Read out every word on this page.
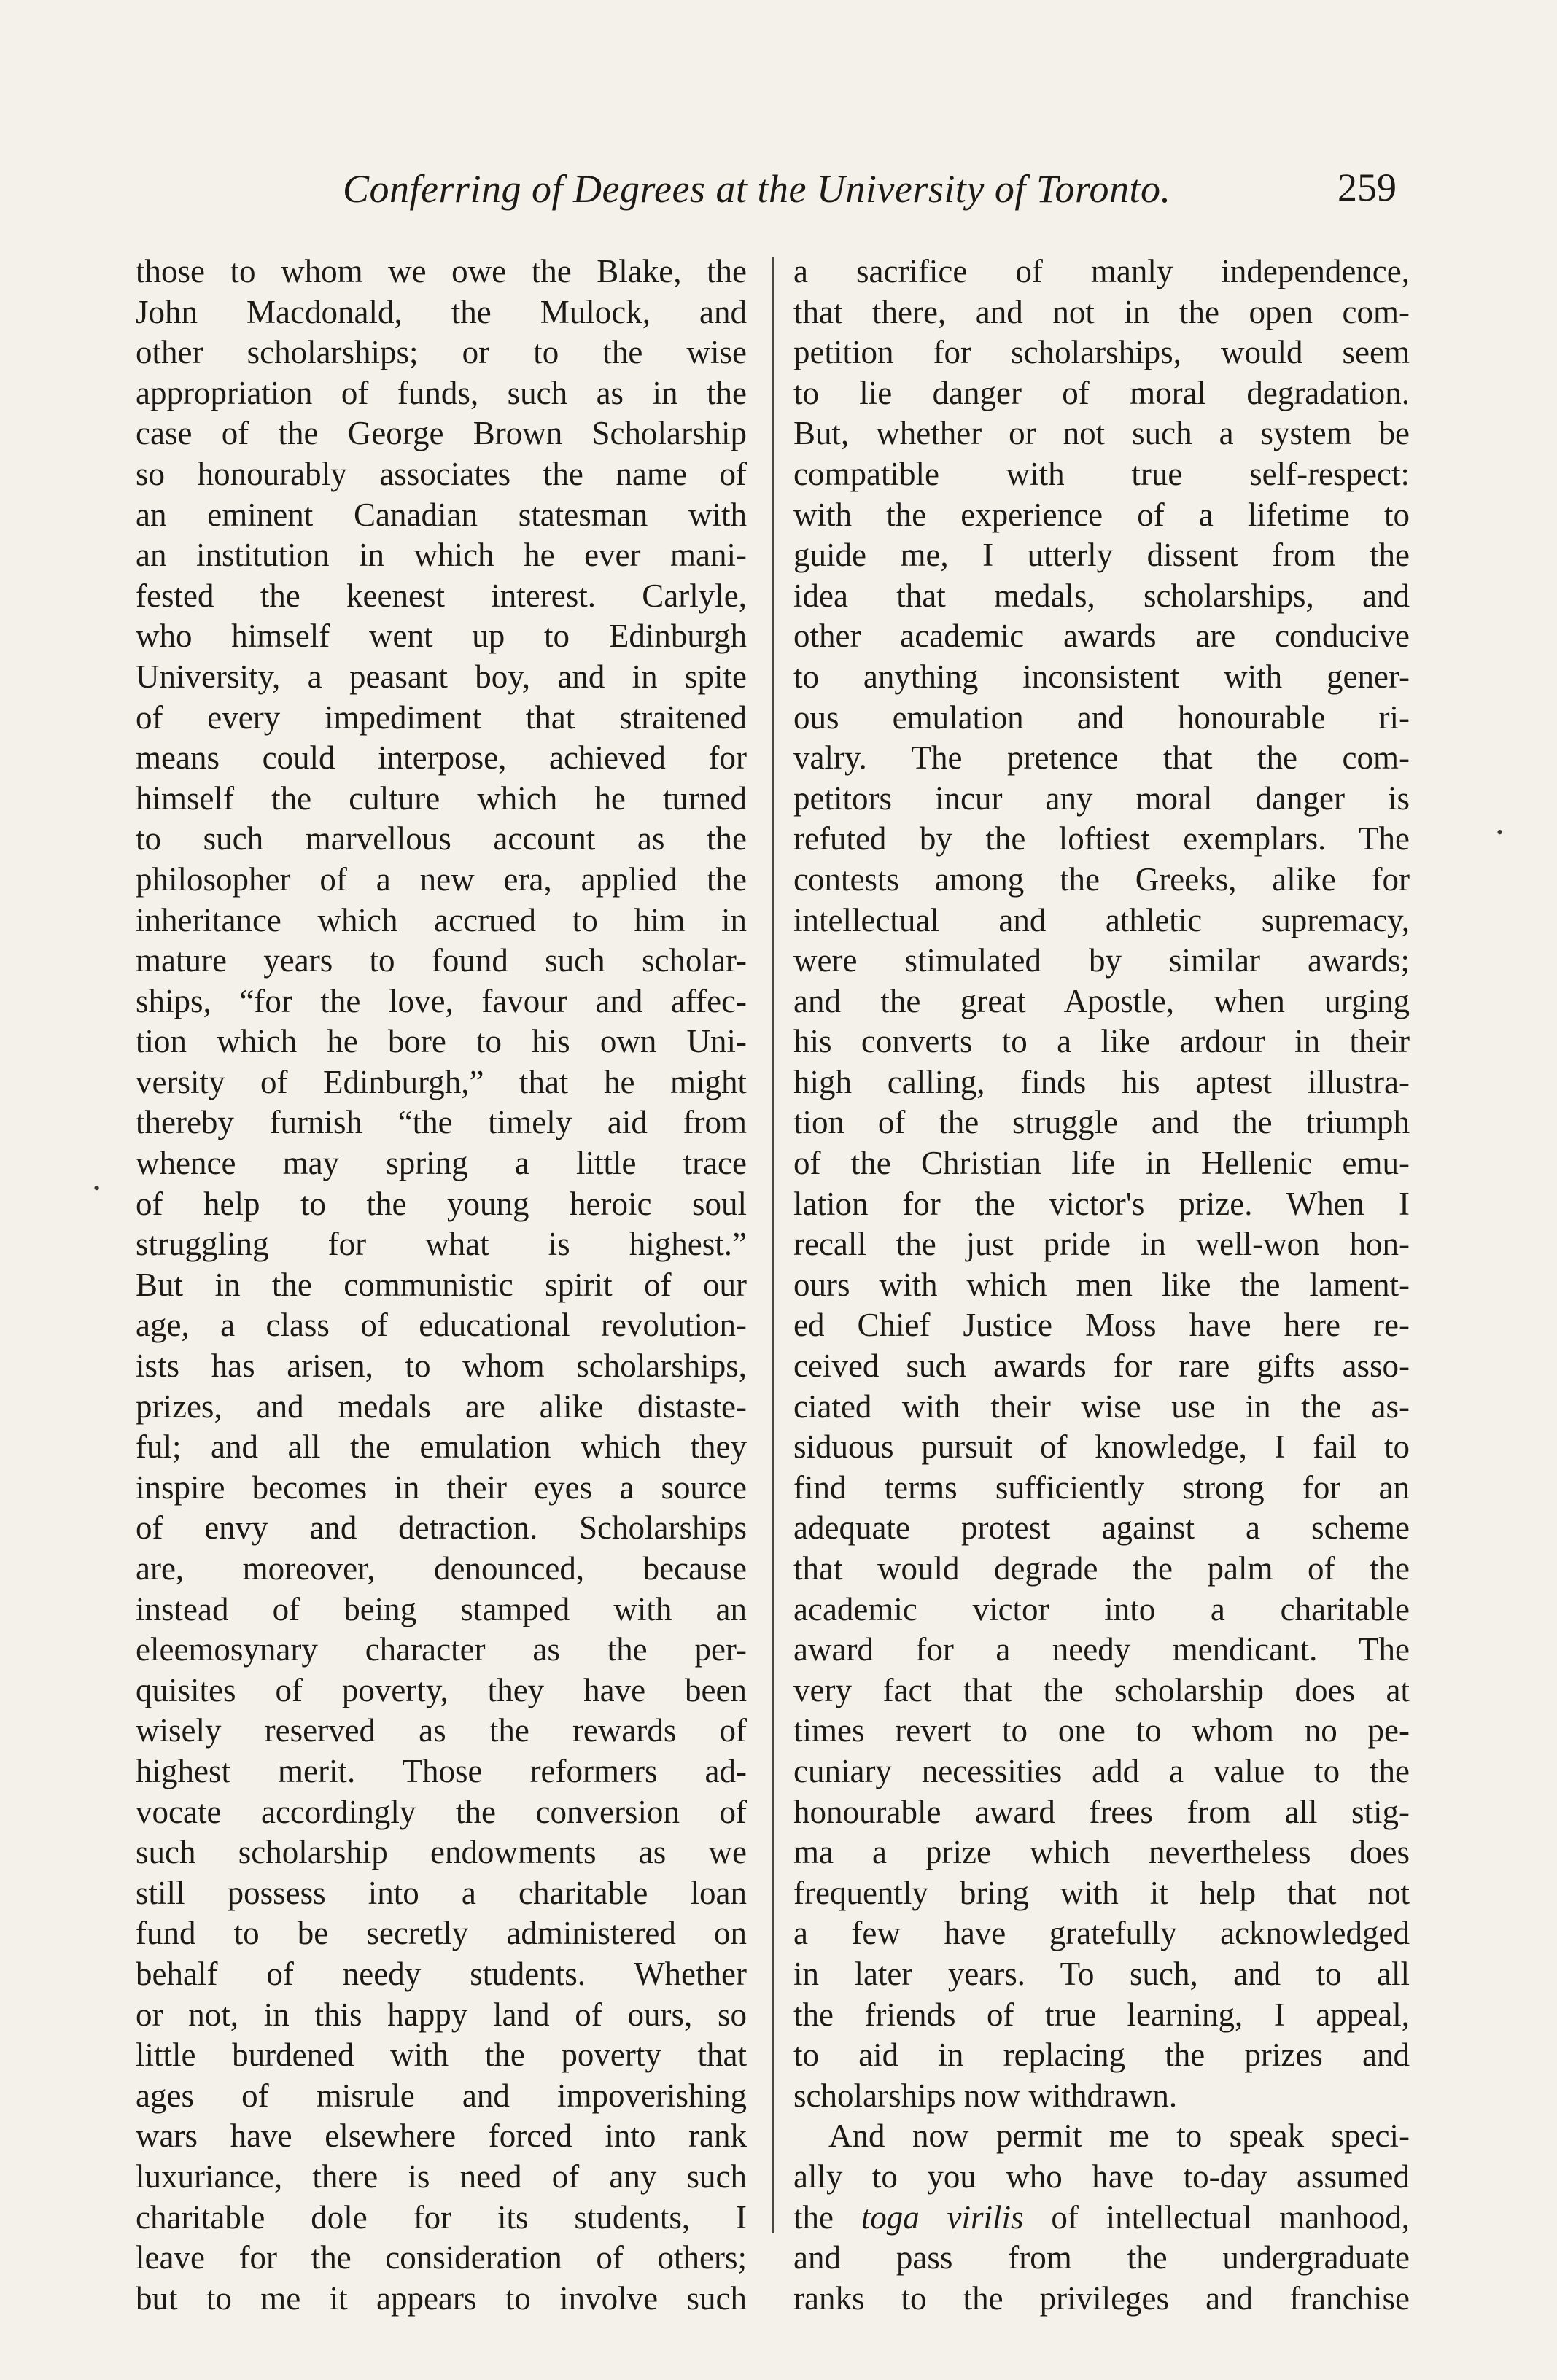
Conferring of Degrees at the University of Toronto.	259
those to whom we owe the Blake, the
John Macdonald, the Mulock, and
other scholarships; or to the wise
appropriation of funds, such as in the
case of the George Brown Scholarship
so honourably associates the name of
an eminent Canadian statesman with
an institution in which he ever mani-
fested the keenest interest. Carlyle,
who himself went up to Edinburgh
University, a peasant boy, and in spite
of every impediment that straitened
means could interpose, achieved for
himself the culture which he turned
to such marvellous account as the
philosopher of a new era, applied the
inheritance which accrued to him in
mature years to found such scholar-
ships, “for the love, favour and affec-
tion which he bore to his own Uni-
versity of Edinburgh,” that he might
thereby furnish “the timely aid from
whence may spring a little trace
of help to the young heroic soul
struggling for what is highest.”
But in the communistic spirit of our
age, a class of educational revolution-
ists has arisen, to whom scholarships,
prizes, and medals are alike distaste-
ful; and all the emulation which they
inspire becomes in their eyes a source
of envy and detraction. Scholarships
are, moreover, denounced, because
instead of being stamped with an
eleemosynary character as the per-
quisites of poverty, they have been
wisely reserved as the rewards of
highest merit. Those reformers ad-
vocate accordingly the conversion of
such scholarship endowments as we
still possess into a charitable loan
fund to be secretly administered on
behalf of needy students. Whether
or not, in this happy land of ours, so
little burdened with the poverty that
ages of misrule and impoverishing
wars have elsewhere forced into rank
luxuriance, there is need of any such
charitable dole for its students, I
leave for the consideration of others;
but to me it appears to involve such
a sacrifice of manly independence,
that there, and not in the open com-
petition for scholarships, would seem
to lie danger of moral degradation.
But, whether or not such a system be
compatible with true self-respect:
with the experience of a lifetime to
guide me, I utterly dissent from the
idea that medals, scholarships, and
other academic awards are conducive
to anything inconsistent with gener-
ous emulation and honourable ri-
valry. The pretence that the com-
petitors incur any moral danger is
refuted by the loftiest exemplars. The
contests among the Greeks, alike for
intellectual and athletic supremacy,
were stimulated by similar awards;
and the great Apostle, when urging
his converts to a like ardour in their
high calling, finds his aptest illustra-
tion of the struggle and the triumph
of the Christian life in Hellenic emu-
lation for the victor's prize. When I
recall the just pride in well-won hon-
ours with which men like the lament-
ed Chief Justice Moss have here re-
ceived such awards for rare gifts asso-
ciated with their wise use in the as-
siduous pursuit of knowledge, I fail to
find terms sufficiently strong for an
adequate protest against a scheme
that would degrade the palm of the
academic victor into a charitable
award for a needy mendicant. The
very fact that the scholarship does at
times revert to one to whom no pe-
cuniary necessities add a value to the
honourable award frees from all stig-
ma a prize which nevertheless does
frequently bring with it help that not
a few have gratefully acknowledged
in later years. To such, and to all
the friends of true learning, I appeal,
to aid in replacing the prizes and
scholarships now withdrawn.
And now permit me to speak speci-
ally to you who have to-day assumed
the toga virilis of intellectual manhood,
and pass from the undergraduate
ranks to the privileges and franchise
•
•
